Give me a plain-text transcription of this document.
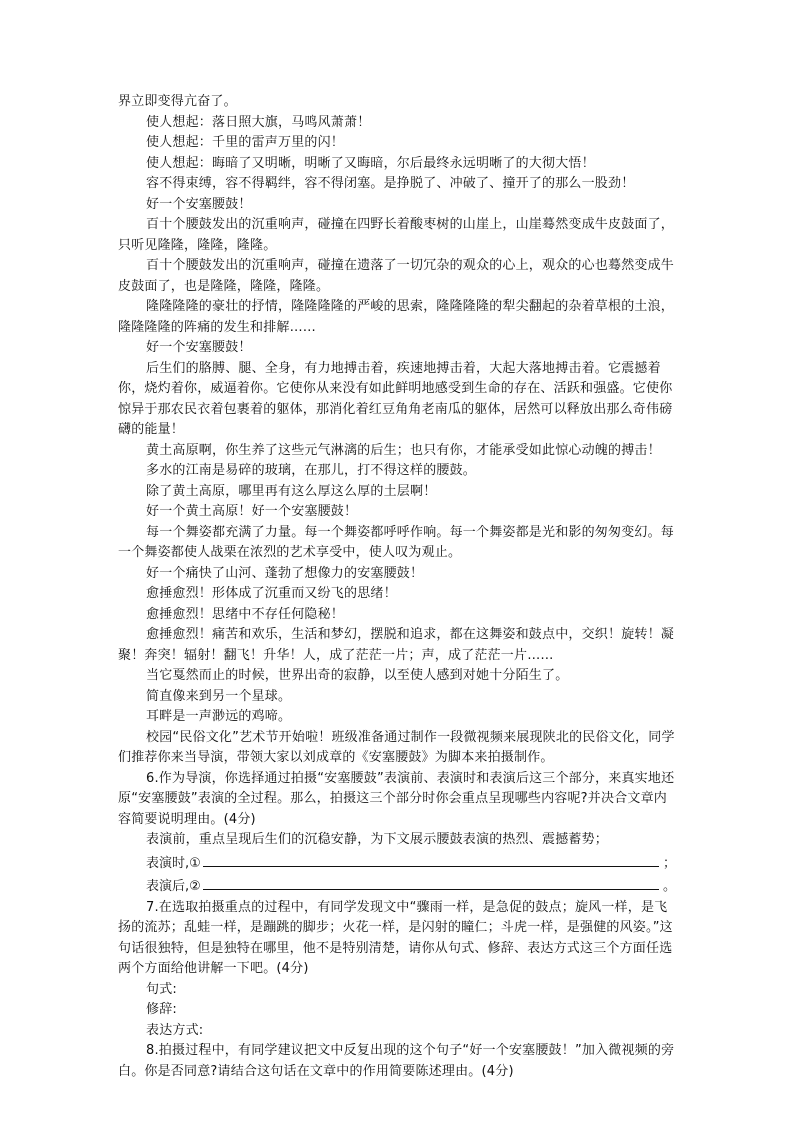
界立即变得亢奋了。

使人想起：落日照大旗，马鸣风萧萧！

使人想起：千里的雷声万里的闪！

使人想起：晦暗了又明晰，明晰了又晦暗，尔后最终永远明晰了的大彻大悟！

容不得束缚，容不得羁绊，容不得闭塞。是挣脱了、冲破了、撞开了的那么一股劲！

好一个安塞腰鼓！

百十个腰鼓发出的沉重响声，碰撞在四野长着酸枣树的山崖上，山崖蓦然变成牛皮鼓面了，只听见隆隆，隆隆，隆隆。

百十个腰鼓发出的沉重响声，碰撞在遗落了一切冗杂的观众的心上，观众的心也蓦然变成牛皮鼓面了，也是隆隆，隆隆，隆隆。

隆隆隆隆的豪壮的抒情，隆隆隆隆的严峻的思索，隆隆隆隆的犁尖翻起的杂着草根的土浪，隆隆隆隆的阵痛的发生和排解……

好一个安塞腰鼓！

后生们的胳膊、腿、全身，有力地搏击着，疾速地搏击着，大起大落地搏击着。它震撼着你，烧灼着你，威逼着你。它使你从来没有如此鲜明地感受到生命的存在、活跃和强盛。它使你惊异于那农民衣着包裹着的躯体，那消化着红豆角角老南瓜的躯体，居然可以释放出那么奇伟磅礴的能量！

黄土高原啊，你生养了这些元气淋漓的后生；也只有你，才能承受如此惊心动魄的搏击！

多水的江南是易碎的玻璃，在那儿，打不得这样的腰鼓。

除了黄土高原，哪里再有这么厚这么厚的土层啊！

好一个黄土高原！好一个安塞腰鼓！

每一个舞姿都充满了力量。每一个舞姿都呼呼作响。每一个舞姿都是光和影的匆匆变幻。每一个舞姿都使人战栗在浓烈的艺术享受中，使人叹为观止。

好一个痛快了山河、蓬勃了想像力的安塞腰鼓！

愈捶愈烈！形体成了沉重而又纷飞的思绪！

愈捶愈烈！思绪中不存任何隐秘！

愈捶愈烈！痛苦和欢乐，生活和梦幻，摆脱和追求，都在这舞姿和鼓点中，交织！旋转！凝聚！奔突！辐射！翻飞！升华！人，成了茫茫一片；声，成了茫茫一片……

当它戛然而止的时候，世界出奇的寂静，以至使人感到对她十分陌生了。

简直像来到另一个星球。

耳畔是一声渺远的鸡啼。

校园“民俗文化”艺术节开始啦！班级准备通过制作一段微视频来展现陕北的民俗文化，同学们推荐你来当导演，带领大家以刘成章的《安塞腰鼓》为脚本来拍摄制作。

6.作为导演，你选择通过拍摄“安塞腰鼓”表演前、表演时和表演后这三个部分，来真实地还原“安塞腰鼓”表演的全过程。那么，拍摄这三个部分时你会重点呈现哪些内容呢?并决合文章内容简要说明理由。(4分)

表演前，重点呈现后生们的沉稳安静，为下文展示腰鼓表演的热烈、震撼蓄势；

表演时,①	；
表演后,②	。

7.在选取拍摄重点的过程中，有同学发现文中“骤雨一样，是急促的鼓点；旋风一样，是飞扬的流苏；乱蛙一样，是蹦跳的脚步；火花一样，是闪射的瞳仁；斗虎一样，是强健的风姿。”这句话很独特，但是独特在哪里，他不是特别清楚，请你从句式、修辞、表达方式这三个方面任选两个方面给他讲解一下吧。(4分)

句式:

修辞:

表达方式:

8.拍摄过程中，有同学建议把文中反复出现的这个句子“好一个安塞腰鼓！”加入微视频的旁白。你是否同意?请结合这句话在文章中的作用简要陈述理由。(4分)
